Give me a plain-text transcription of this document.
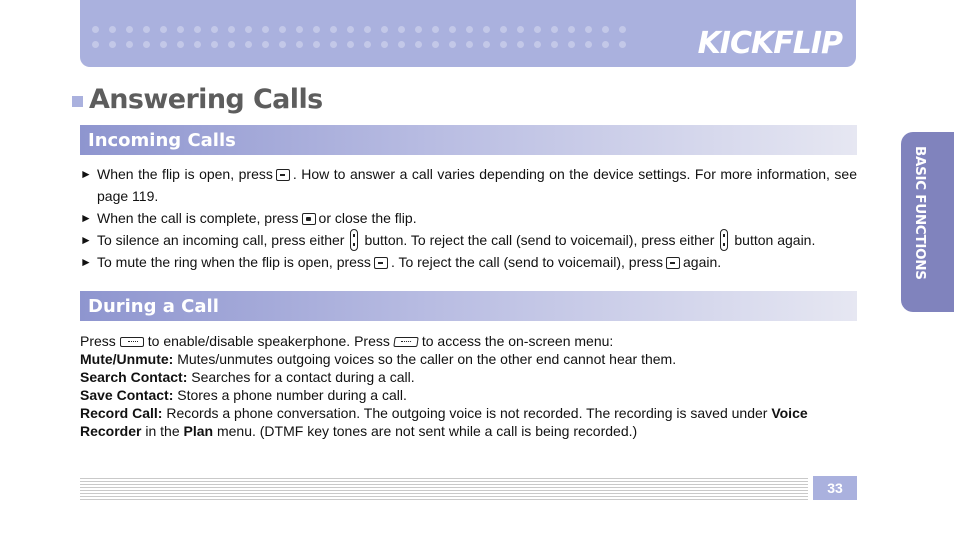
KICKFLIP
Answering Calls
Incoming Calls
► When the flip is open, press . How to answer a call varies depending on the device settings. For more information, see page 119.
► When the call is complete, press or close the flip.
► To silence an incoming call, press either button. To reject the call (send to voicemail), press either button again.
► To mute the ring when the flip is open, press . To reject the call (send to voicemail), press again.
During a Call
Press to enable/disable speakerphone. Press to access the on-screen menu:
Mute/Unmute: Mutes/unmutes outgoing voices so the caller on the other end cannot hear them.
Search Contact: Searches for a contact during a call.
Save Contact: Stores a phone number during a call.
Record Call: Records a phone conversation. The outgoing voice is not recorded. The recording is saved under Voice Recorder in the Plan menu. (DTMF key tones are not sent while a call is being recorded.)
BASIC FUNCTIONS
33
